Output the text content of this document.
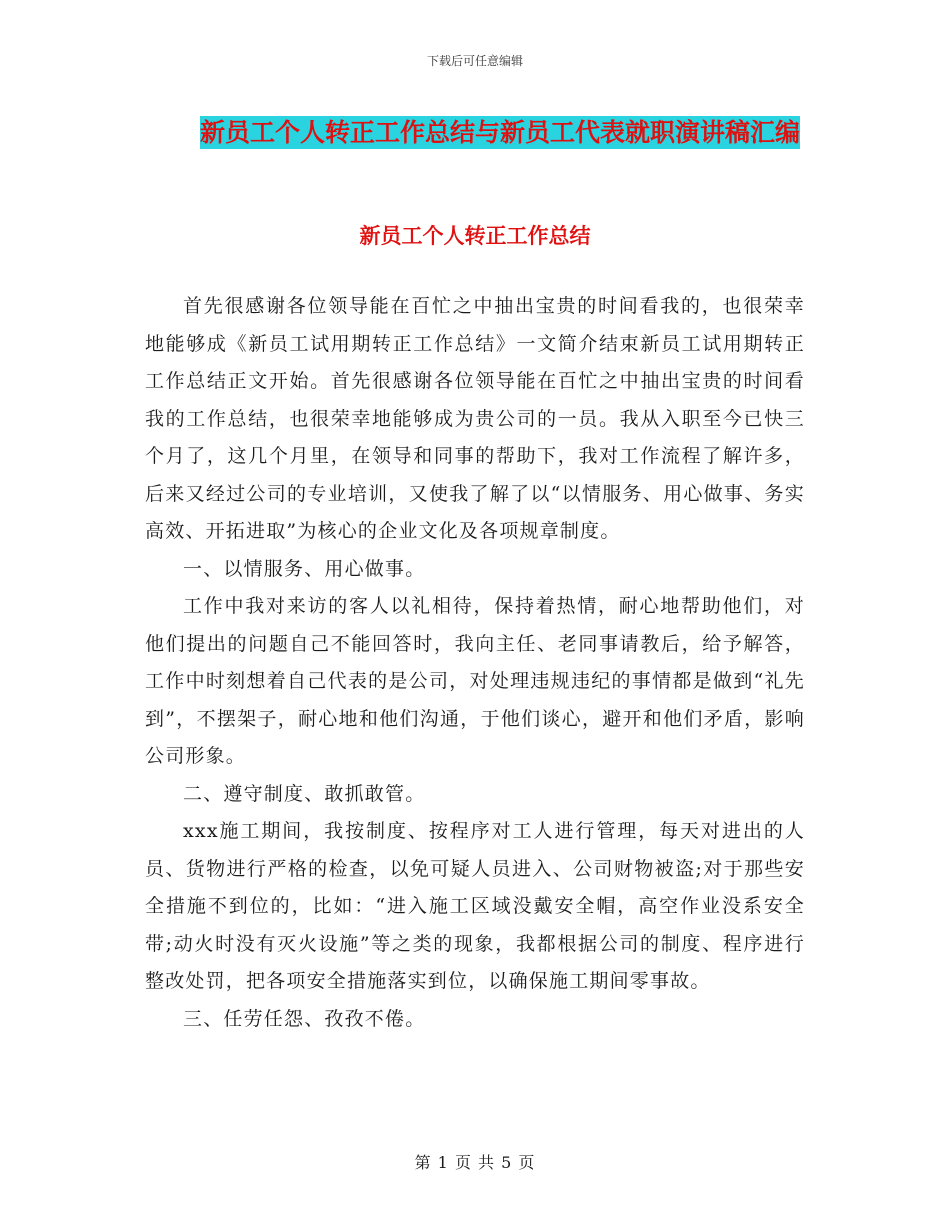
下载后可任意编辑
新员工个人转正工作总结与新员工代表就职演讲稿汇编
新员工个人转正工作总结

首先很感谢各位领导能在百忙之中抽出宝贵的时间看我的，也很荣幸地能够成《新员工试用期转正工作总结》一文简介结束新员工试用期转正工作总结正文开始。首先很感谢各位领导能在百忙之中抽出宝贵的时间看我的工作总结，也很荣幸地能够成为贵公司的一员。我从入职至今已快三个月了，这几个月里，在领导和同事的帮助下，我对工作流程了解许多，后来又经过公司的专业培训，又使我了解了以“以情服务、用心做事、务实高效、开拓进取”为核心的企业文化及各项规章制度。

一、以情服务、用心做事。

工作中我对来访的客人以礼相待，保持着热情，耐心地帮助他们，对他们提出的问题自己不能回答时，我向主任、老同事请教后，给予解答，工作中时刻想着自己代表的是公司，对处理违规违纪的事情都是做到“礼先到”，不摆架子，耐心地和他们沟通，于他们谈心，避开和他们矛盾，影响公司形象。

二、遵守制度、敢抓敢管。

xxx施工期间，我按制度、按程序对工人进行管理，每天对进出的人员、货物进行严格的检查，以免可疑人员进入、公司财物被盗;对于那些安全措施不到位的，比如：“进入施工区域没戴安全帽，高空作业没系安全带;动火时没有灭火设施”等之类的现象，我都根据公司的制度、程序进行整改处罚，把各项安全措施落实到位，以确保施工期间零事故。

三、任劳任怨、孜孜不倦。

第 1 页 共 5 页
